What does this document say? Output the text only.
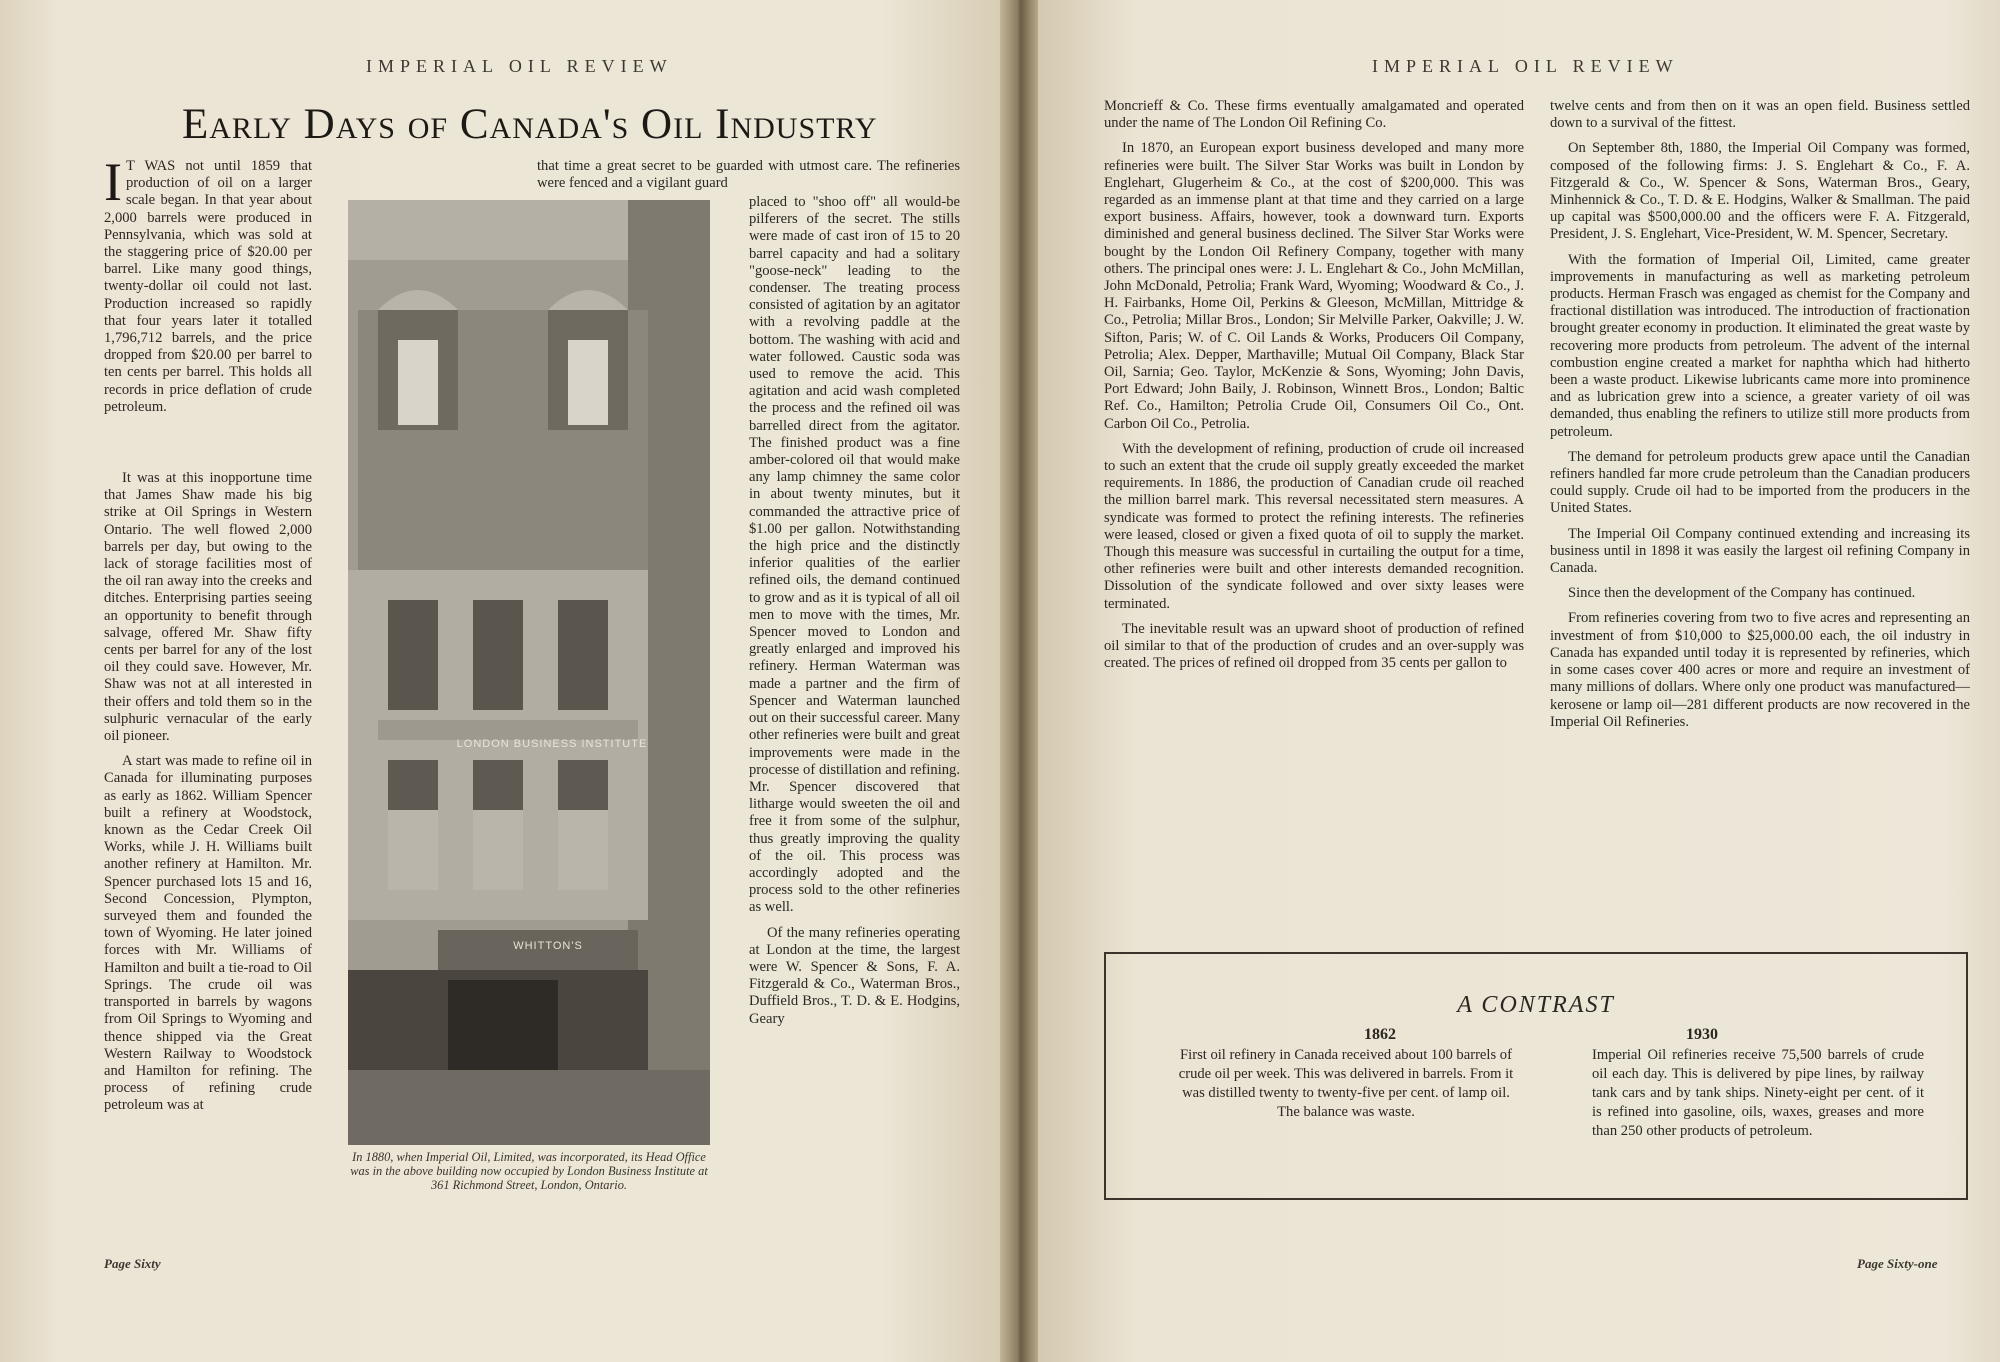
IMPERIAL OIL REVIEW
Early Days of Canada's Oil Industry

I T WAS not until 1859 that production of oil on a larger scale began. In that year about 2,000 barrels were produced in Pennsylvania, which was sold at the staggering price of $20.00 per barrel. Like many good things, twenty-dollar oil could not last. Production increased so rapidly that four years later it totalled 1,796,712 barrels, and the price dropped from $20.00 per barrel to ten cents per barrel. This holds all records in price deflation of crude petroleum.

It was at this inopportune time that James Shaw made his big strike at Oil Springs in Western Ontario. The well flowed 2,000 barrels per day, but owing to the lack of storage facilities most of the oil ran away into the creeks and ditches. Enterprising parties seeing an opportunity to benefit through salvage, offered Mr. Shaw fifty cents per barrel for any of the lost oil they could save. However, Mr. Shaw was not at all interested in their offers and told them so in the sulphuric vernacular of the early oil pioneer.

A start was made to refine oil in Canada for illuminating purposes as early as 1862. William Spencer built a refinery at Woodstock, known as the Cedar Creek Oil Works, while J. H. Williams built another refinery at Hamilton. Mr. Spencer purchased lots 15 and 16, Second Concession, Plympton, surveyed them and founded the town of Wyoming. He later joined forces with Mr. Williams of Hamilton and built a tie-road to Oil Springs. The crude oil was transported in barrels by wagons from Oil Springs to Wyoming and thence shipped via the Great Western Railway to Woodstock and Hamilton for refining. The process of refining crude petroleum was at

that time a great secret to be guarded with utmost care. The refineries were fenced and a vigilant guard

placed to "shoo off" all would-be pilferers of the secret. The stills were made of cast iron of 15 to 20 barrel capacity and had a solitary "goose-neck" leading to the condenser. The treating process consisted of agitation by an agitator with a revolving paddle at the bottom. The washing with acid and water followed. Caustic soda was used to remove the acid. This agitation and acid wash completed the process and the refined oil was barrelled direct from the agitator. The finished product was a fine amber-colored oil that would make any lamp chimney the same color in about twenty minutes, but it commanded the attractive price of $1.00 per gallon. Notwithstanding the high price and the distinctly inferior qualities of the earlier refined oils, the demand continued to grow and as it is typical of all oil men to move with the times, Mr. Spencer moved to London and greatly enlarged and improved his refinery. Herman Waterman was made a partner and the firm of Spencer and Waterman launched out on their successful career. Many other refineries were built and great improvements were made in the processe of distillation and refining. Mr. Spencer discovered that litharge would sweeten the oil and free it from some of the sulphur, thus greatly improving the quality of the oil. This process was accordingly adopted and the process sold to the other refineries as well.

Of the many refineries operating at London at the time, the largest were W. Spencer & Sons, F. A. Fitzgerald & Co., Waterman Bros., Duffield Bros., T. D. & E. Hodgins, Geary

LONDON BUSINESS INSTITUTE
WHITTON'S
In 1880, when Imperial Oil, Limited, was incorporated, its Head Office was in the above building now occupied by London Business Institute at 361 Richmond Street, London, Ontario.
Page Sixty
IMPERIAL OIL REVIEW

Moncrieff & Co. These firms eventually amalgamated and operated under the name of The London Oil Refining Co.

In 1870, an European export business developed and many more refineries were built. The Silver Star Works was built in London by Englehart, Glugerheim & Co., at the cost of $200,000. This was regarded as an immense plant at that time and they carried on a large export business. Affairs, however, took a downward turn. Exports diminished and general business declined. The Silver Star Works were bought by the London Oil Refinery Company, together with many others. The principal ones were: J. L. Englehart & Co., John McMillan, John McDonald, Petrolia; Frank Ward, Wyoming; Woodward & Co., J. H. Fairbanks, Home Oil, Perkins & Gleeson, McMillan, Mittridge & Co., Petrolia; Millar Bros., London; Sir Melville Parker, Oakville; J. W. Sifton, Paris; W. of C. Oil Lands & Works, Producers Oil Company, Petrolia; Alex. Depper, Marthaville; Mutual Oil Company, Black Star Oil, Sarnia; Geo. Taylor, McKenzie & Sons, Wyoming; John Davis, Port Edward; John Baily, J. Robinson, Winnett Bros., London; Baltic Ref. Co., Hamilton; Petrolia Crude Oil, Consumers Oil Co., Ont. Carbon Oil Co., Petrolia.

With the development of refining, production of crude oil increased to such an extent that the crude oil supply greatly exceeded the market requirements. In 1886, the production of Canadian crude oil reached the million barrel mark. This reversal necessitated stern measures. A syndicate was formed to protect the refining interests. The refineries were leased, closed or given a fixed quota of oil to supply the market. Though this measure was successful in curtailing the output for a time, other refineries were built and other interests demanded recognition. Dissolution of the syndicate followed and over sixty leases were terminated.

The inevitable result was an upward shoot of production of refined oil similar to that of the production of crudes and an over-supply was created. The prices of refined oil dropped from 35 cents per gallon to

twelve cents and from then on it was an open field. Business settled down to a survival of the fittest.

On September 8th, 1880, the Imperial Oil Company was formed, composed of the following firms: J. S. Englehart & Co., F. A. Fitzgerald & Co., W. Spencer & Sons, Waterman Bros., Geary, Minhennick & Co., T. D. & E. Hodgins, Walker & Smallman. The paid up capital was $500,000.00 and the officers were F. A. Fitzgerald, President, J. S. Englehart, Vice-President, W. M. Spencer, Secretary.

With the formation of Imperial Oil, Limited, came greater improvements in manufacturing as well as marketing petroleum products. Herman Frasch was engaged as chemist for the Company and fractional distillation was introduced. The introduction of fractionation brought greater economy in production. It eliminated the great waste by recovering more products from petroleum. The advent of the internal combustion engine created a market for naphtha which had hitherto been a waste product. Likewise lubricants came more into prominence and as lubrication grew into a science, a greater variety of oil was demanded, thus enabling the refiners to utilize still more products from petroleum.

The demand for petroleum products grew apace until the Canadian refiners handled far more crude petroleum than the Canadian producers could supply. Crude oil had to be imported from the producers in the United States.

The Imperial Oil Company continued extending and increasing its business until in 1898 it was easily the largest oil refining Company in Canada.

Since then the development of the Company has continued.

From refineries covering from two to five acres and representing an investment of from $10,000 to $25,000.00 each, the oil industry in Canada has expanded until today it is represented by refineries, which in some cases cover 400 acres or more and require an investment of many millions of dollars. Where only one product was manufactured—kerosene or lamp oil—281 different products are now recovered in the Imperial Oil Refineries.

A CONTRAST
1862	1930
First oil refinery in Canada received about 100 barrels of crude oil per week. This was delivered in barrels. From it was distilled twenty to twenty-five per cent. of lamp oil. The balance was waste.
Imperial Oil refineries receive 75,500 barrels of crude oil each day. This is delivered by pipe lines, by railway tank cars and by tank ships. Ninety-eight per cent. of it is refined into gasoline, oils, waxes, greases and more than 250 other products of petroleum.
Page Sixty-one
